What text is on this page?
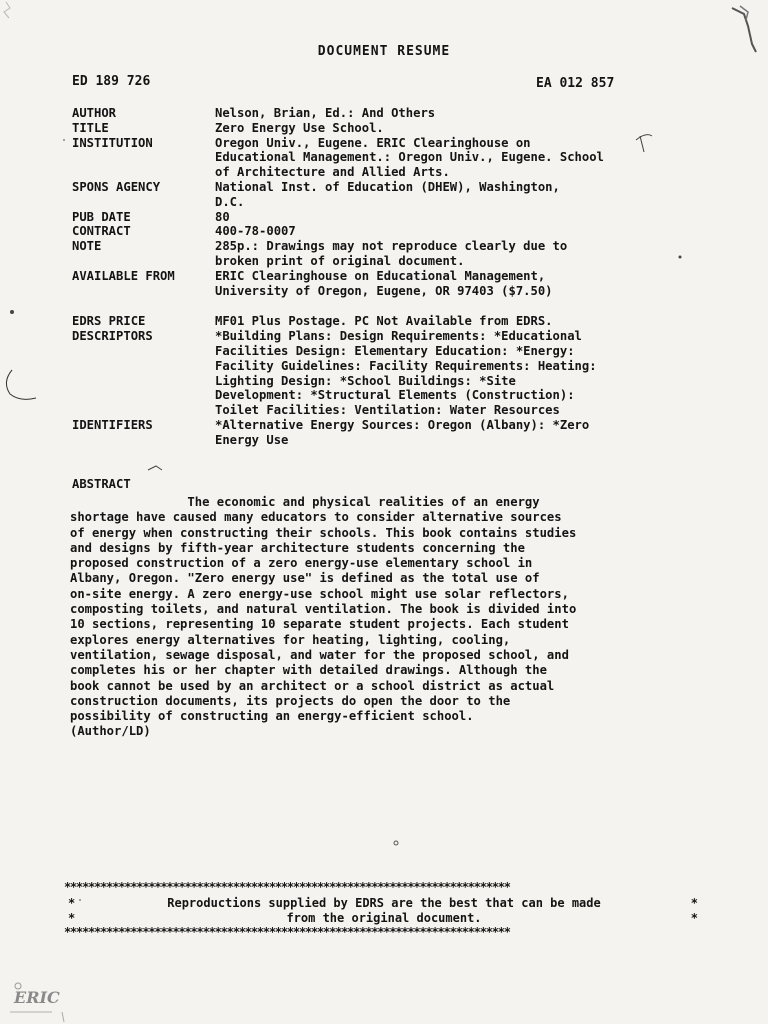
DOCUMENT RESUME
ED 189 726	EA 012 857
AUTHOR	Nelson, Brian, Ed.: And Others
TITLE	Zero Energy Use School.
INSTITUTION	Oregon Univ., Eugene. ERIC Clearinghouse on
Educational Management.: Oregon Univ., Eugene. School
of Architecture and Allied Arts.
SPONS AGENCY	National Inst. of Education (DHEW), Washington,
D.C.
PUB DATE	80
CONTRACT	400-78-0007
NOTE	285p.: Drawings may not reproduce clearly due to
broken print of original document.
AVAILABLE FROM	ERIC Clearinghouse on Educational Management,
University of Oregon, Eugene, OR 97403 ($7.50)
EDRS PRICE	MF01 Plus Postage. PC Not Available from EDRS.
DESCRIPTORS	*Building Plans: Design Requirements: *Educational
Facilities Design: Elementary Education: *Energy:
Facility Guidelines: Facility Requirements: Heating:
Lighting Design: *School Buildings: *Site
Development: *Structural Elements (Construction):
Toilet Facilities: Ventilation: Water Resources
IDENTIFIERS	*Alternative Energy Sources: Oregon (Albany): *Zero
Energy Use
ABSTRACT

The economic and physical realities of an energy

shortage have caused many educators to consider alternative sources

of energy when constructing their schools. This book contains studies

and designs by fifth-year architecture students concerning the

proposed construction of a zero energy-use elementary school in

Albany, Oregon. "Zero energy use" is defined as the total use of

on-site energy. A zero energy-use school might use solar reflectors,

composting toilets, and natural ventilation. The book is divided into

10 sections, representing 10 separate student projects. Each student

explores energy alternatives for heating, lighting, cooling,

ventilation, sewage disposal, and water for the proposed school, and

completes his or her chapter with detailed drawings. Although the

book cannot be used by an architect or a school district as actual

construction documents, its projects do open the door to the

possibility of constructing an energy-efficient school.

(Author/LD)

**************************************************************************
*	Reproductions supplied by EDRS are the best that can be made	*
*	from the original document.	*
**************************************************************************
ERIC
